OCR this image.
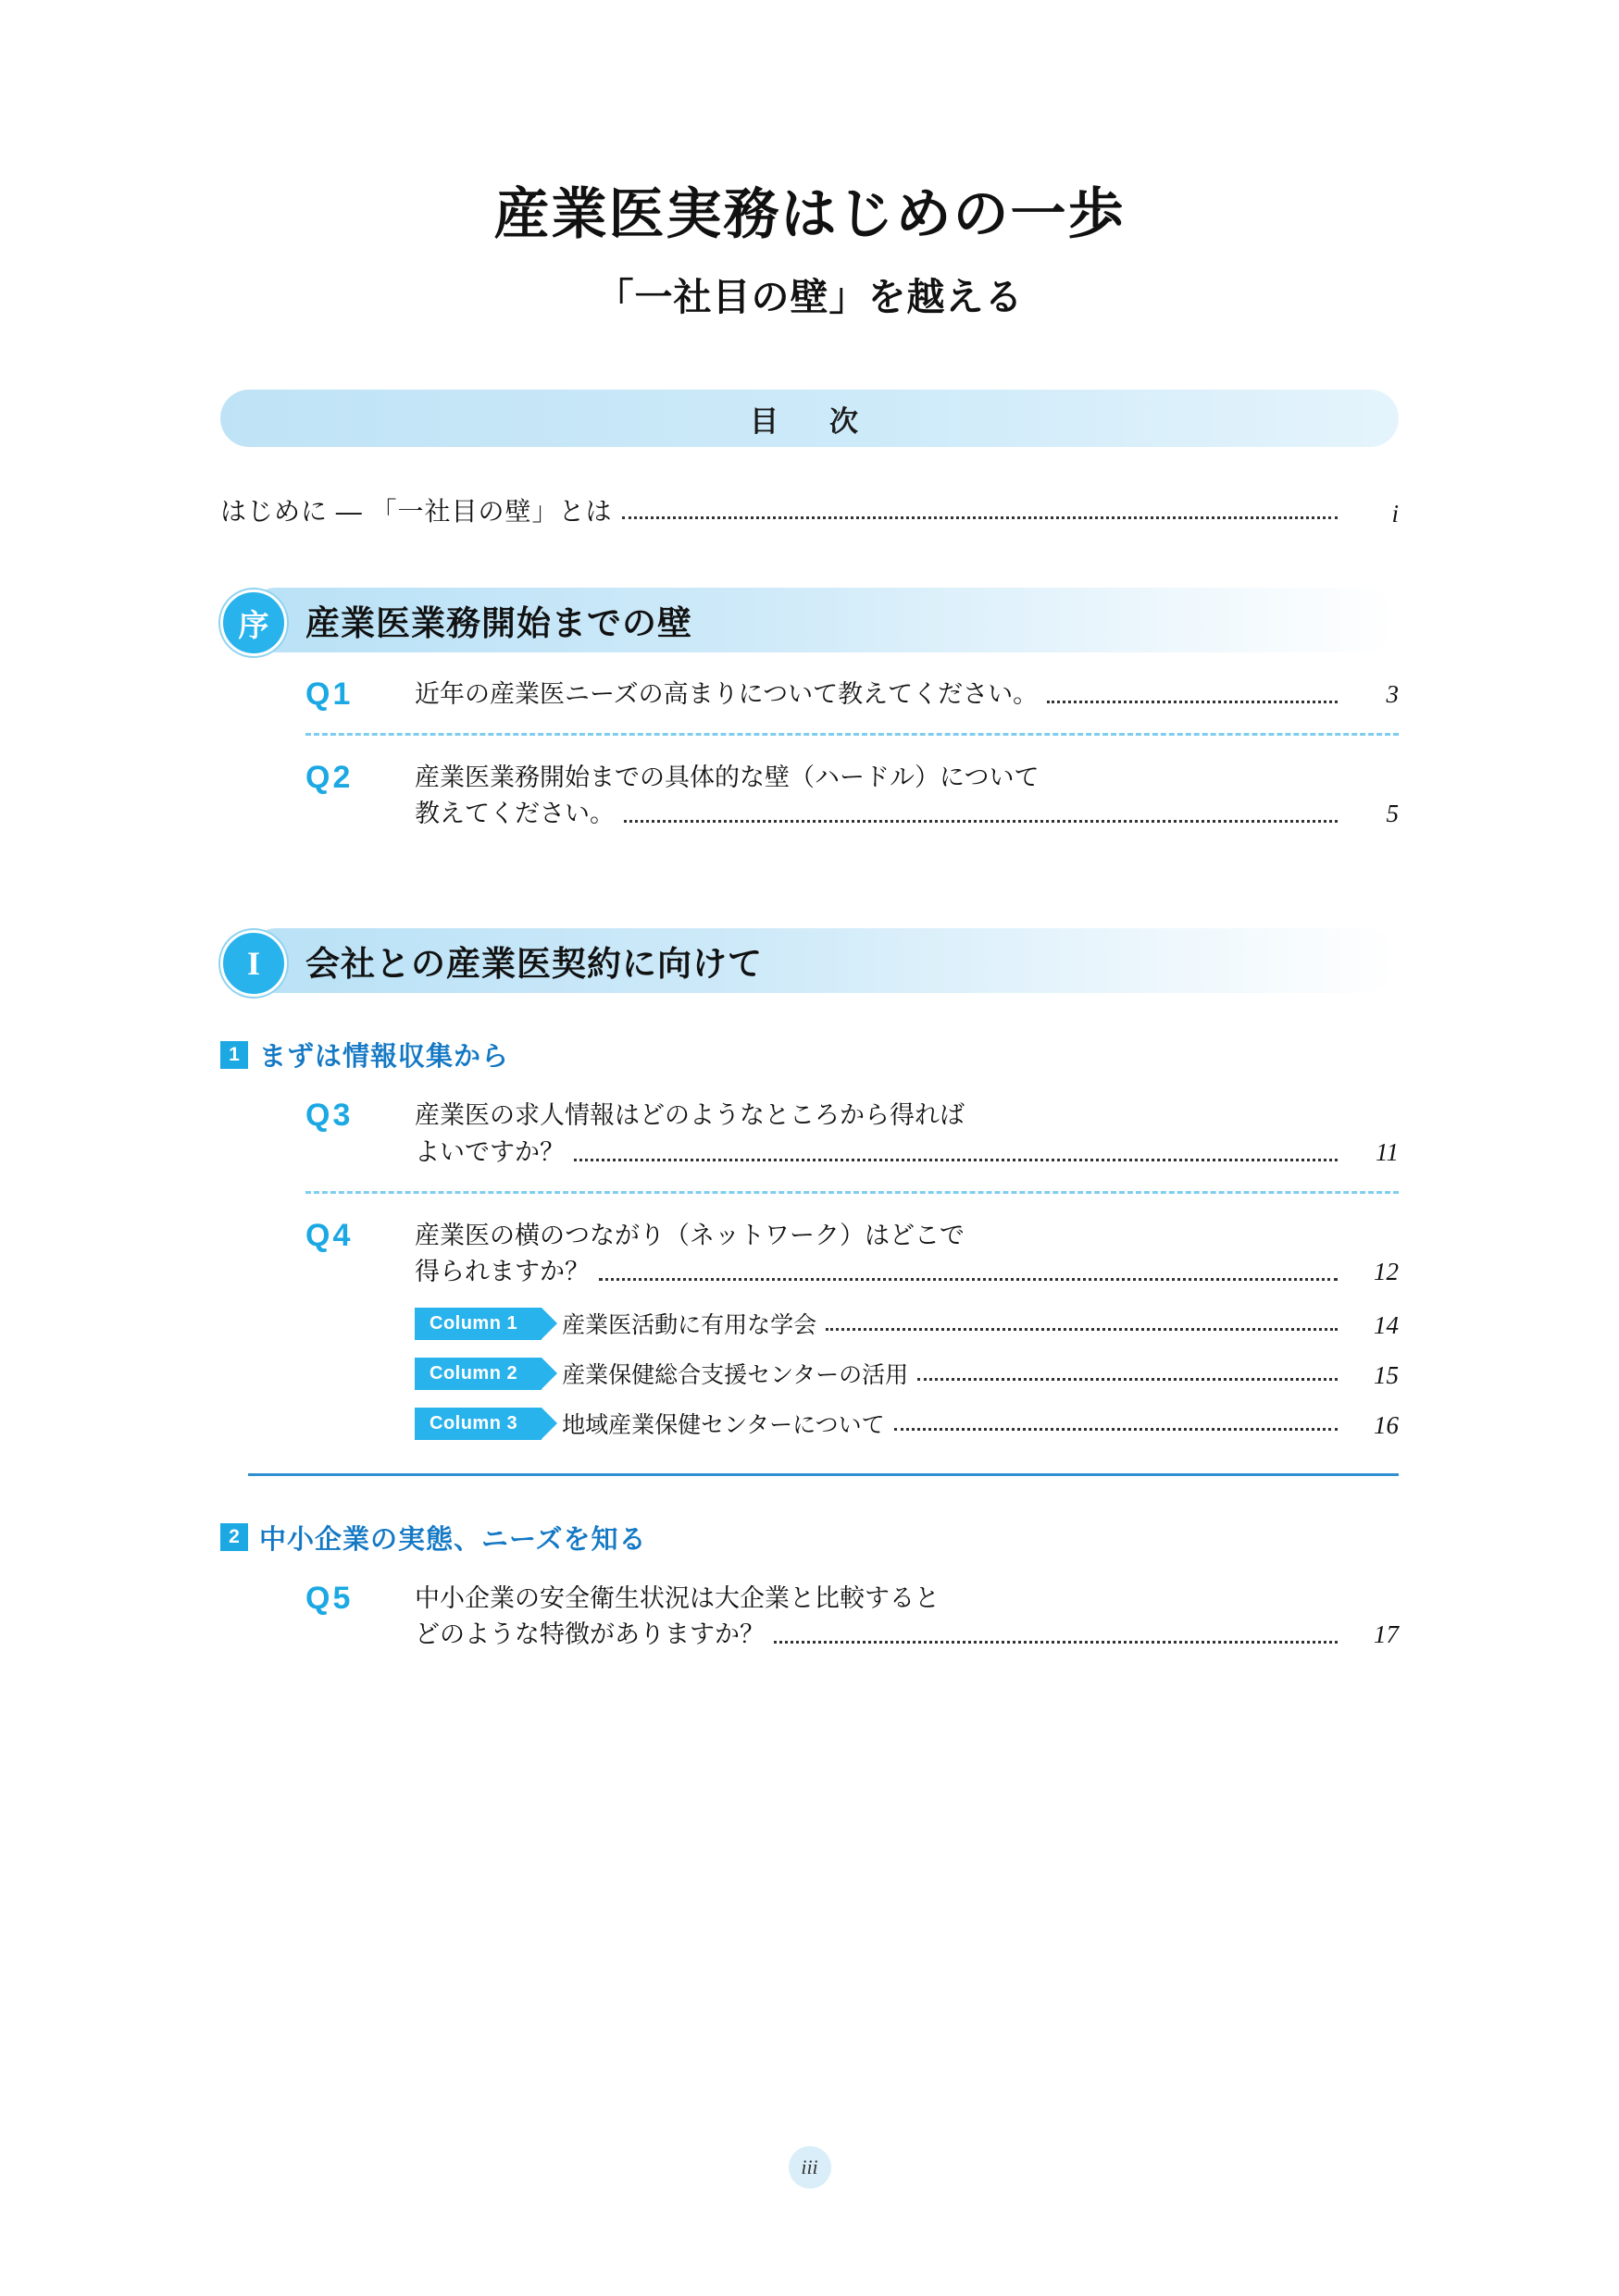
産業医実務はじめの一歩
「一社目の壁」を越える
目　次
はじめに ― 「一社目の壁」とは	i
序	産業医業務開始までの壁
Q1	近年の産業医ニーズの高まりについて教えてください。	3
Q2	産業医業務開始までの具体的な壁（ハードル）について
教えてください。	5
I	会社との産業医契約に向けて
1 まずは情報収集から
Q3	産業医の求人情報はどのようなところから得れば
よいですか？	11
Q4	産業医の横のつながり（ネットワーク）はどこで
得られますか？	12
Column 1	産業医活動に有用な学会	14
Column 2	産業保健総合支援センターの活用	15
Column 3	地域産業保健センターについて	16
2 中小企業の実態、ニーズを知る
Q5	中小企業の安全衛生状況は大企業と比較すると
どのような特徴がありますか？	17
iii
